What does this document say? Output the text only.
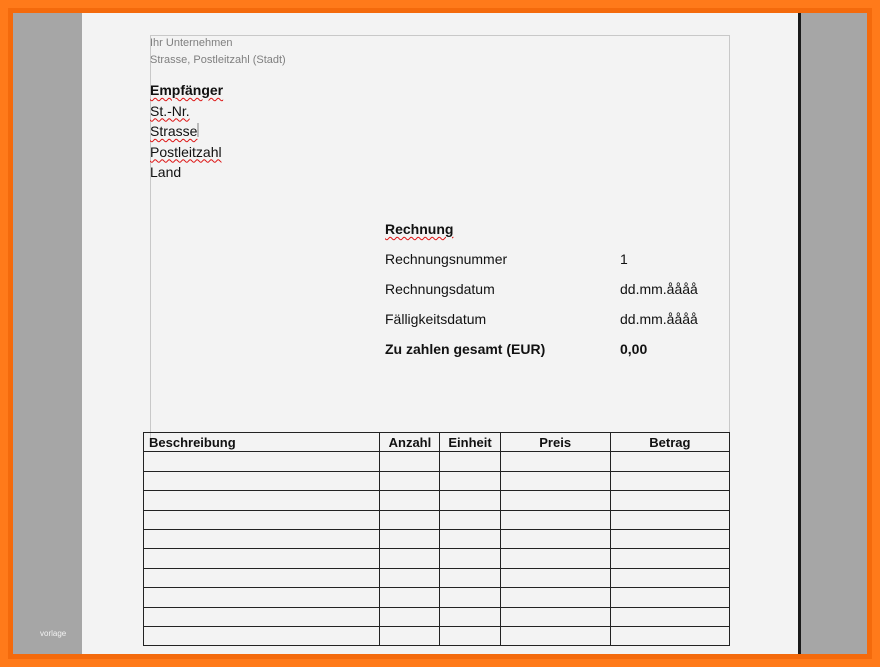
Ihr Unternehmen
Strasse, Postleitzahl (Stadt)
Empfänger
St.-Nr.
Strasse
Postleitzahl
Land
Rechnung
Rechnungsnummer	1
Rechnungsdatum	dd.mm.åååå
Fälligkeitsdatum	dd.mm.åååå
Zu zahlen gesamt (EUR)	0,00
Beschreibung	Anzahl	Einheit	Preis	Betrag

vorlage
